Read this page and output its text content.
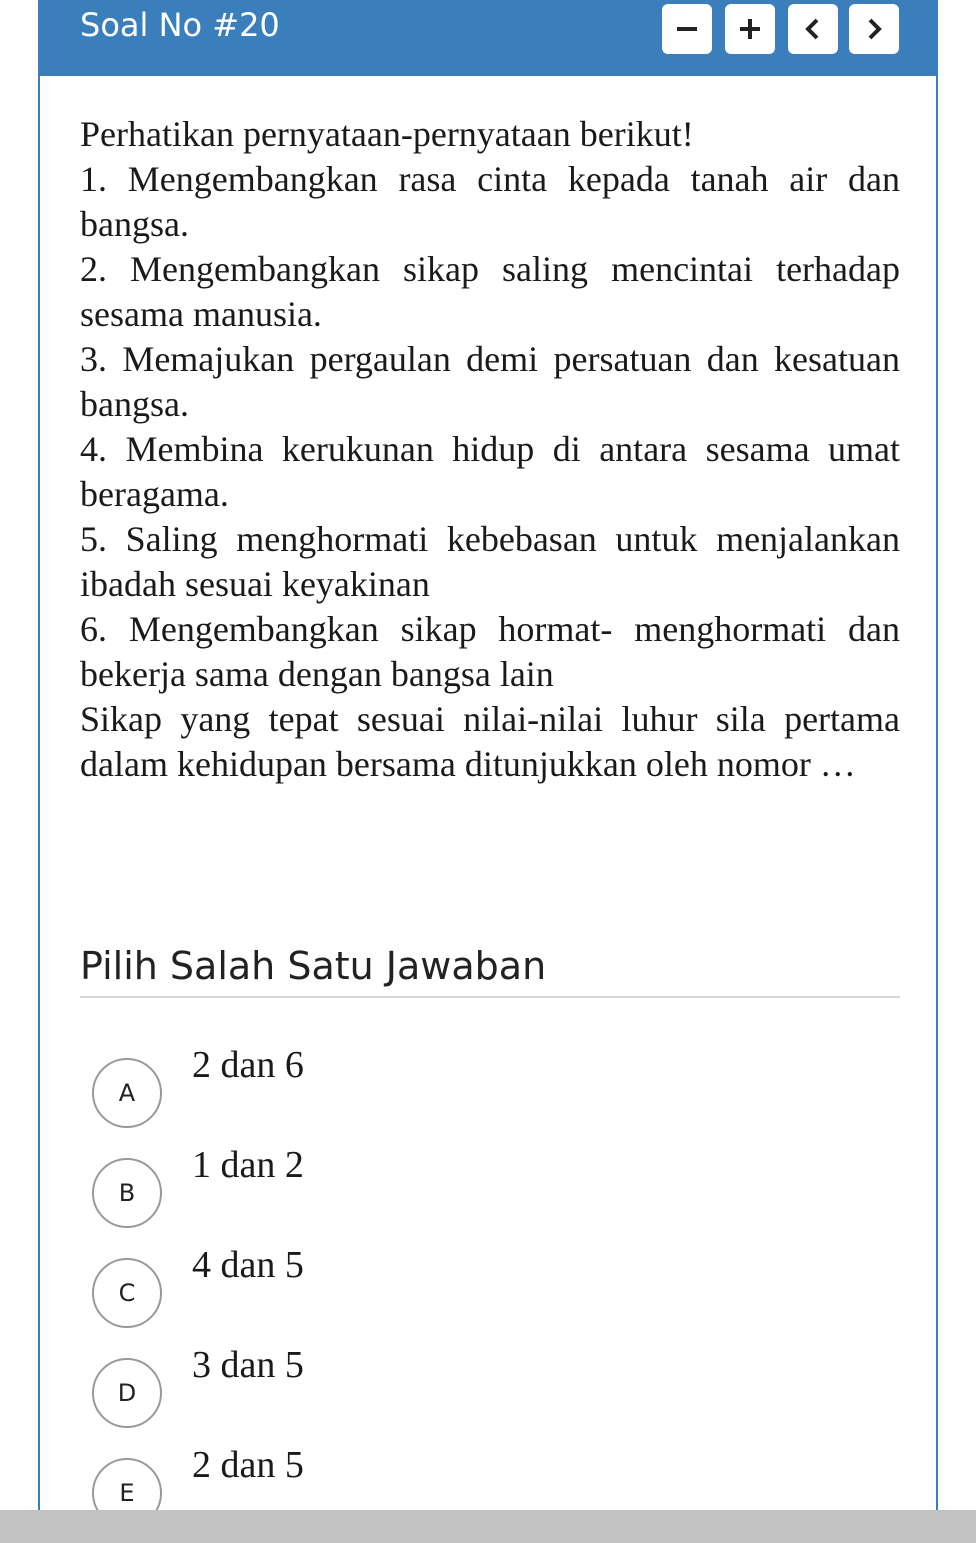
Soal No #20

Perhatikan pernyataan-pernyataan berikut!

1. Mengembangkan rasa cinta kepada tanah air dan bangsa.

2. Mengembangkan sikap saling mencintai terhadap sesama manusia.

3. Memajukan pergaulan demi persatuan dan kesatuan bangsa.

4. Membina kerukunan hidup di antara sesama umat beragama.

5. Saling menghormati kebebasan untuk menjalankan ibadah sesuai keyakinan

6. Mengembangkan sikap hormat- menghormati dan bekerja sama dengan bangsa lain

Sikap yang tepat sesuai nilai-nilai luhur sila pertama dalam kehidupan bersama ditunjukkan oleh nomor …

Pilih Salah Satu Jawaban
A
2 dan 6
B
1 dan 2
C
4 dan 5
D
3 dan 5
E
2 dan 5
